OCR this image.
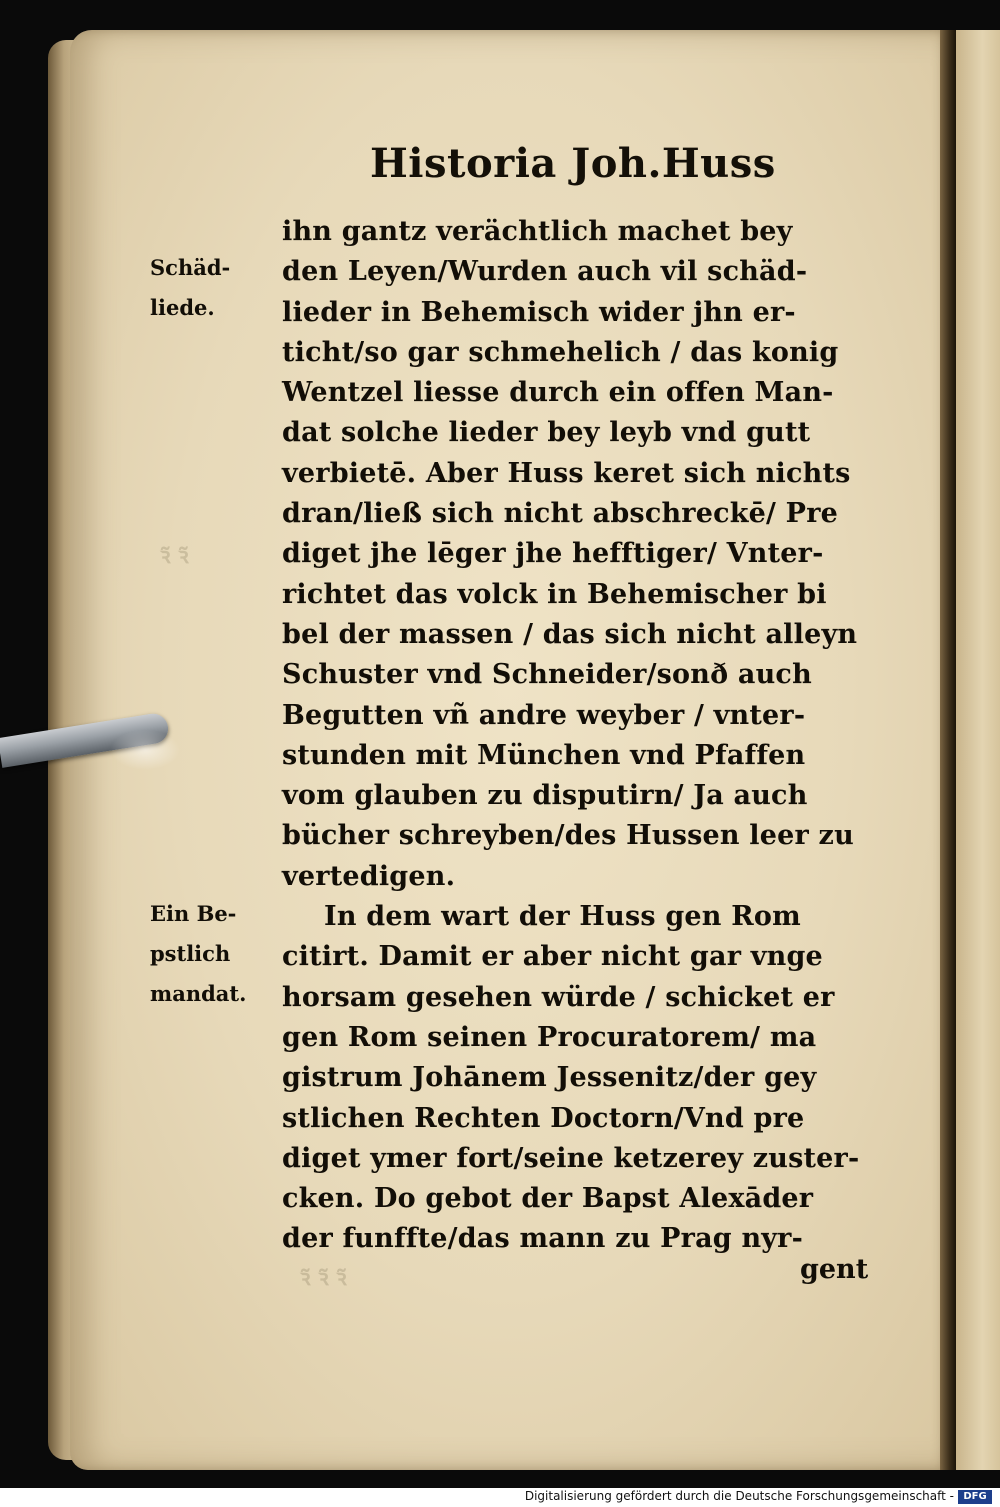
ꝛ̃ ꝛ̃
ꝛ̃ ꝛ̃ ꝛ̃
Historia Joh.Huss
ihn gantz verächtlich machet bey
den Leyen/Wurden auch vil schäd-
lieder in Behemisch wider jhn er-
ticht/so gar schmehelich / das konig
Wentzel liesse durch ein offen Man-
dat solche lieder bey leyb vnd gutt
verbietē. Aber Huss keret sich nichts
dran/ließ sich nicht abschreckē/ Pre
diget jhe lēger jhe hefftiger/ Vnter-
richtet das volck in Behemischer bi
bel der massen / das sich nicht alleyn
Schuster vnd Schneider/sonð auch
Begutten vñ andre weyber / vnter-
stunden mit München vnd Pfaffen
vom glauben zu disputirn/ Ja auch
bücher schreyben/des Hussen leer zu
vertedigen.
In dem wart der Huss gen Rom
citirt. Damit er aber nicht gar vnge
horsam gesehen würde / schicket er
gen Rom seinen Procuratorem/ ma
gistrum Johānem Jessenitz/der gey
stlichen Rechten Doctorn/Vnd pre
diget ymer fort/seine ketzerey zuster-
cken. Do gebot der Bapst Alexāder
der funffte/das mann zu Prag nyr-
Schäd-
liede.
Ein Be-
pstlich
mandat.
gent
Digitalisierung gefördert durch die Deutsche Forschungsgemeinschaft - DFG
